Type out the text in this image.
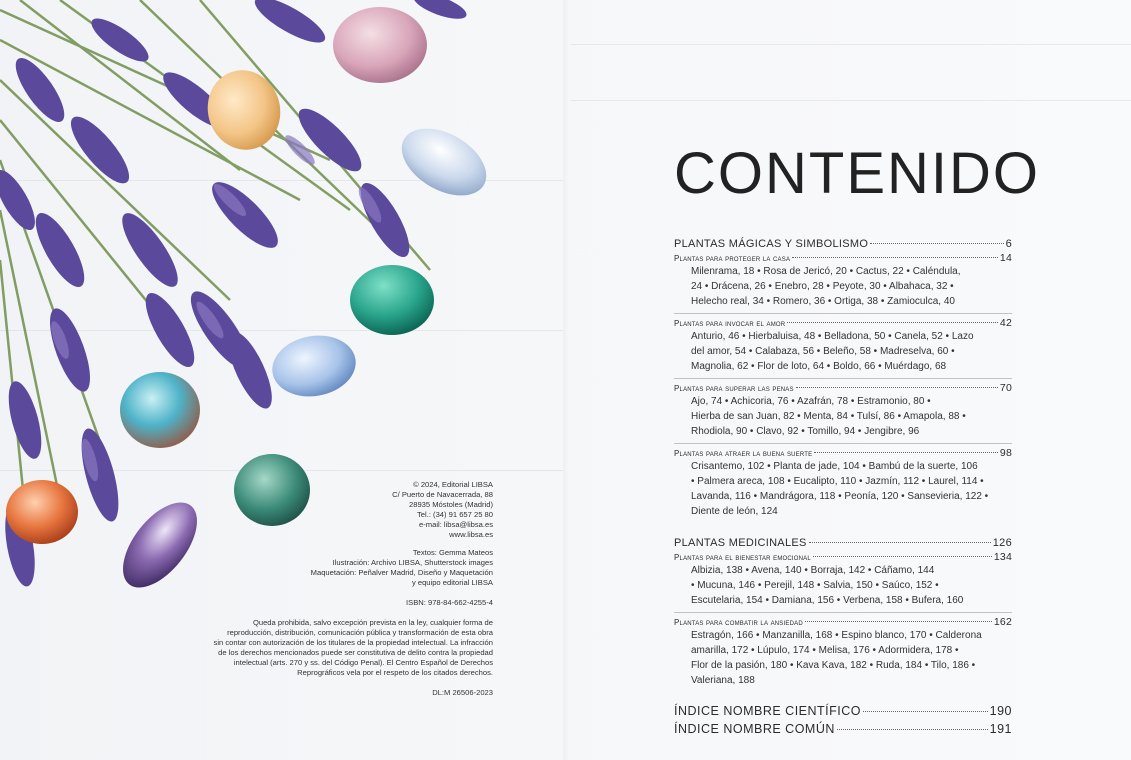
© 2024, Editorial LIBSA
C/ Puerto de Navacerrada, 88
28935 Móstoles (Madrid)
Tel.: (34) 91 657 25 80
e-mail: libsa@libsa.es
www.libsa.es
Textos: Gemma Mateos
Ilustración: Archivo LIBSA, Shutterstock images
Maquetación: Peñalver Madrid, Diseño y Maquetación
y equipo editorial LIBSA
ISBN: 978-84-662-4255-4
Queda prohibida, salvo excepción prevista en la ley, cualquier forma de
reproducción, distribución, comunicación pública y transformación de esta obra
sin contar con autorización de los titulares de la propiedad intelectual. La infracción
de los derechos mencionados puede ser constitutiva de delito contra la propiedad
intelectual (arts. 270 y ss. del Código Penal). El Centro Español de Derechos
Reprográficos vela por el respeto de los citados derechos.
DL:M 26506-2023
CONTENIDO
PLANTAS MÁGICAS Y SIMBOLISMO	6
Plantas para proteger la casa	14
Milenrama, 18 • Rosa de Jericó, 20 • Cactus, 22 • Caléndula,
24 • Drácena, 26 • Enebro, 28 • Peyote, 30 • Albahaca, 32 •
Helecho real, 34 • Romero, 36 • Ortiga, 38 • Zamioculca, 40
Plantas para invocar el amor	42
Anturio, 46 • Hierbaluisa, 48 • Belladona, 50 • Canela, 52 • Lazo
del amor, 54 • Calabaza, 56 • Beleño, 58 • Madreselva, 60 •
Magnolia, 62 • Flor de loto, 64 • Boldo, 66 • Muérdago, 68
Plantas para superar las penas	70
Ajo, 74 • Achicoria, 76 • Azafrán, 78 • Estramonio, 80 •
Hierba de san Juan, 82 • Menta, 84 • Tulsí, 86 • Amapola, 88 •
Rhodiola, 90 • Clavo, 92 • Tomillo, 94 • Jengibre, 96
Plantas para atraer la buena suerte	98
Crisantemo, 102 • Planta de jade, 104 • Bambú de la suerte, 106
• Palmera areca, 108 • Eucalipto, 110 • Jazmín, 112 • Laurel, 114 •
Lavanda, 116 • Mandrágora, 118 • Peonía, 120 • Sansevieria, 122 •
Diente de león, 124
PLANTAS MEDICINALES	126
Plantas para el bienestar emocional	134
Albizia, 138 • Avena, 140 • Borraja, 142 • Cáñamo, 144
• Mucuna, 146 • Perejil, 148 • Salvia, 150 • Saúco, 152 •
Escutelaria, 154 • Damiana, 156 • Verbena, 158 • Bufera, 160
Plantas para combatir la ansiedad	162
Estragón, 166 • Manzanilla, 168 • Espino blanco, 170 • Calderona
amarilla, 172 • Lúpulo, 174 • Melisa, 176 • Adormidera, 178 •
Flor de la pasión, 180 • Kava Kava, 182 • Ruda, 184 • Tilo, 186 •
Valeriana, 188
ÍNDICE NOMBRE CIENTÍFICO	190
ÍNDICE NOMBRE COMÚN	191
